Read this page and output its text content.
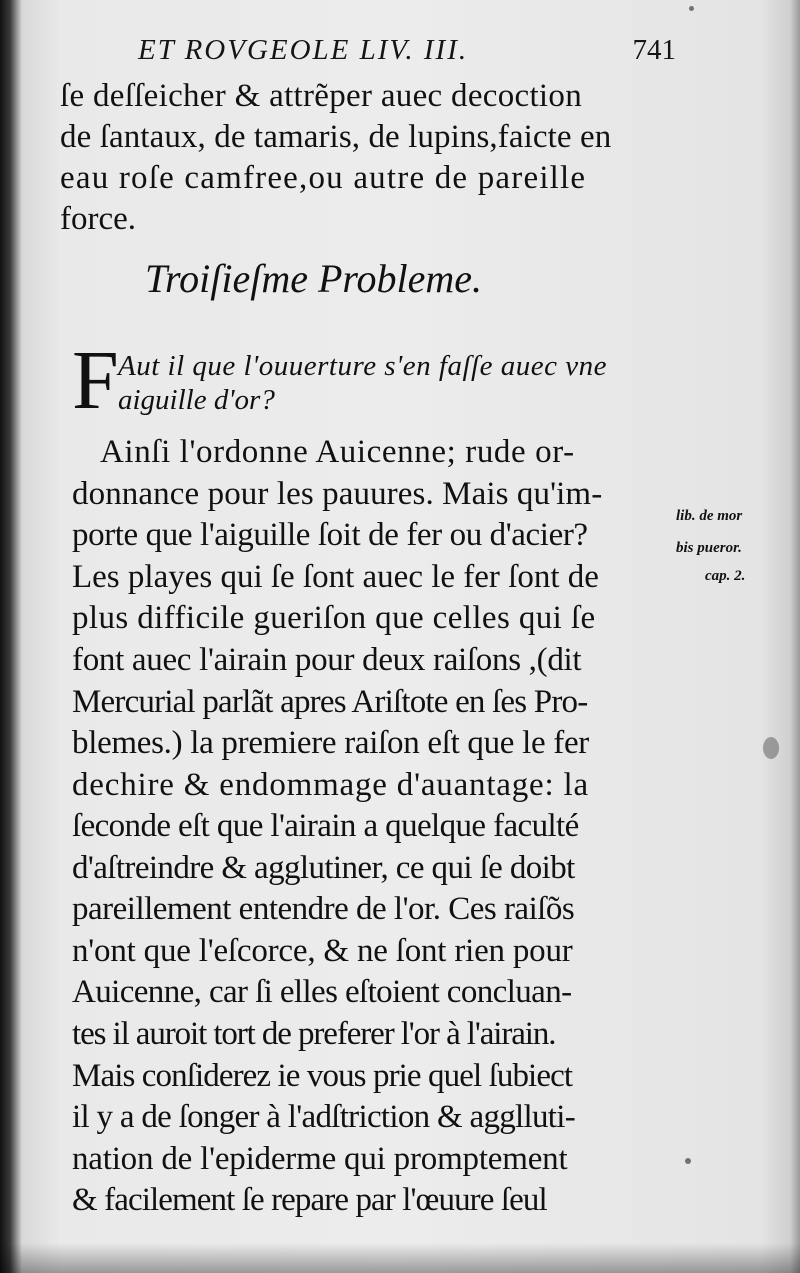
ET ROVGEOLE LIV. III.	741
ſe deſſeicher & attrẽper auec decoction
de ſantaux, de tamaris, de lupins,faicte en
eau roſe camfree,ou autre de pareille
force.
Troiſieſme Probleme.
F Aut il que l'ouuerture s'en faſſe auec vne
aiguille d'or?
Ainſi l'ordonne Auicenne; rude or-
donnance pour les pauures. Mais qu'im-
porte que l'aiguille ſoit de fer ou d'acier?
Les playes qui ſe ſont auec le fer ſont de
plus difficile gueriſon que celles qui ſe
font auec l'airain pour deux raiſons ,(dit
Mercurial parlãt apres Ariſtote en ſes Pro-
blemes.) la premiere raiſon eſt que le fer
dechire & endommage d'auantage: la
ſeconde eſt que l'airain a quelque faculté
d'aſtreindre & agglutiner, ce qui ſe doibt
pareillement entendre de l'or. Ces raiſõs
n'ont que l'eſcorce, & ne ſont rien pour
Auicenne, car ſi elles eſtoient concluan-
tes il auroit tort de preferer l'or à l'airain.
Mais conſiderez ie vous prie quel ſubiect
il y a de ſonger à l'adſtriction & agglluti-
nation de l'epiderme qui promptement
& facilement ſe repare par l'œuure ſeul
lib. de mor
bis pueror.
cap. 2.
